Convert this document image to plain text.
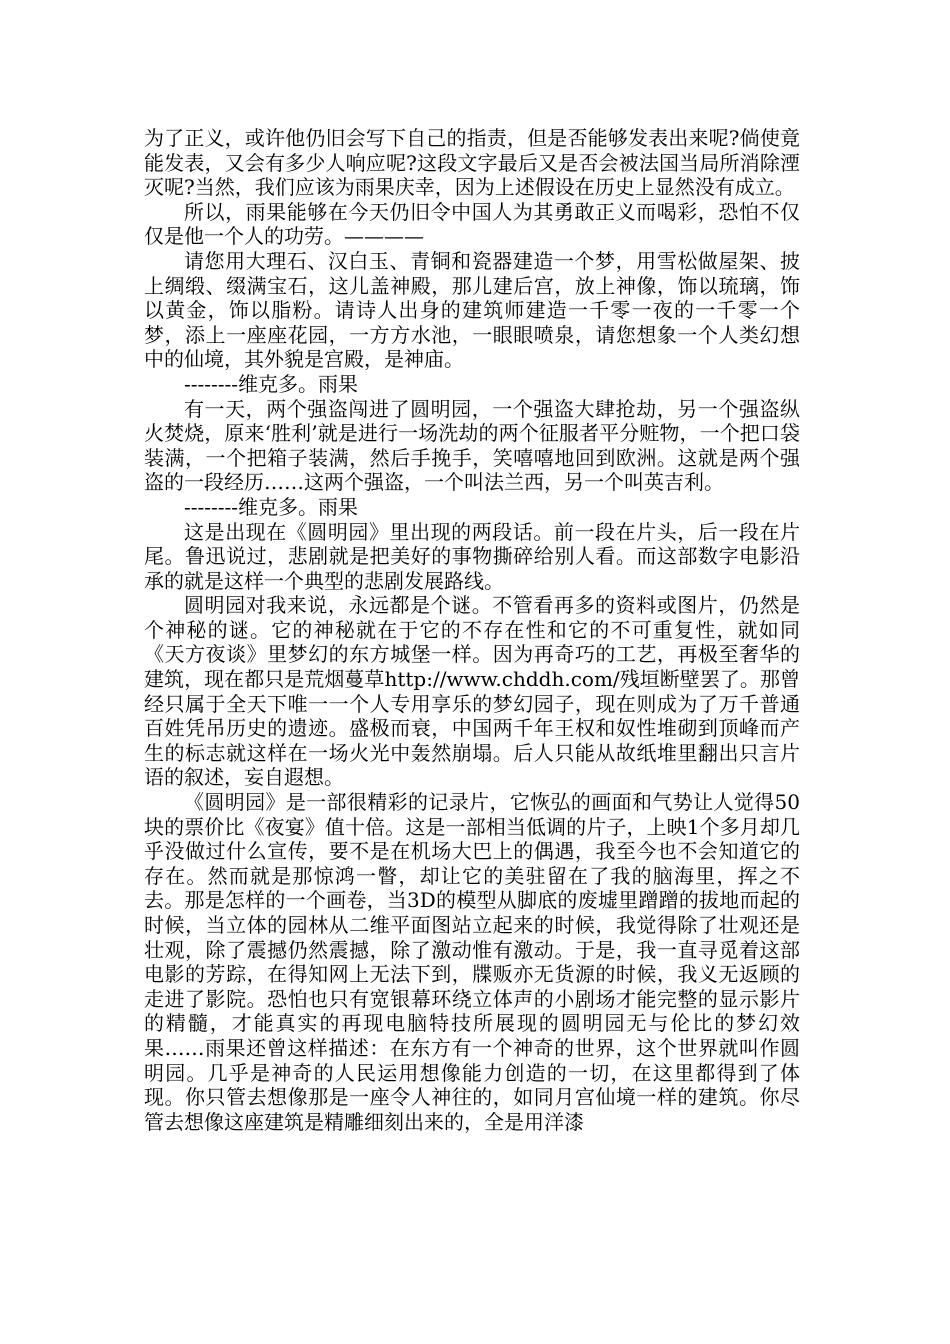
为了正义，或许他仍旧会写下自己的指责，但是否能够发表出来呢?倘使竟能发表，又会有多少人响应呢?这段文字最后又是否会被法国当局所消除湮灭呢?当然，我们应该为雨果庆幸，因为上述假设在历史上显然没有成立。

所以，雨果能够在今天仍旧令中国人为其勇敢正义而喝彩，恐怕不仅仅是他一个人的功劳。————

请您用大理石、汉白玉、青铜和瓷器建造一个梦，用雪松做屋架、披上绸缎、缀满宝石，这儿盖神殿，那儿建后宫，放上神像，饰以琉璃，饰以黄金，饰以脂粉。请诗人出身的建筑师建造一千零一夜的一千零一个梦，添上一座座花园，一方方水池，一眼眼喷泉，请您想象一个人类幻想中的仙境，其外貌是宫殿，是神庙。

--------维克多。雨果

有一天，两个强盗闯进了圆明园，一个强盗大肆抢劫，另一个强盗纵火焚烧，原来‘胜利’就是进行一场洗劫的两个征服者平分赃物，一个把口袋装满，一个把箱子装满，然后手挽手，笑嘻嘻地回到欧洲。这就是两个强盗的一段经历……这两个强盗，一个叫法兰西，另一个叫英吉利。

--------维克多。雨果

这是出现在《圆明园》里出现的两段话。前一段在片头，后一段在片尾。鲁迅说过，悲剧就是把美好的事物撕碎给别人看。而这部数字电影沿承的就是这样一个典型的悲剧发展路线。

圆明园对我来说，永远都是个谜。不管看再多的资料或图片，仍然是个神秘的谜。它的神秘就在于它的不存在性和它的不可重复性，就如同《天方夜谈》里梦幻的东方城堡一样。因为再奇巧的工艺，再极至奢华的建筑，现在都只是荒烟蔓草http://www.chddh.com/残垣断壁罢了。那曾经只属于全天下唯一一个人专用享乐的梦幻园子，现在则成为了万千普通百姓凭吊历史的遗迹。盛极而衰，中国两千年王权和奴性堆砌到顶峰而产生的标志就这样在一场火光中轰然崩塌。后人只能从故纸堆里翻出只言片语的叙述，妄自遐想。

《圆明园》是一部很精彩的记录片，它恢弘的画面和气势让人觉得50块的票价比《夜宴》值十倍。这是一部相当低调的片子，上映1个多月却几乎没做过什么宣传，要不是在机场大巴上的偶遇，我至今也不会知道它的存在。然而就是那惊鸿一瞥，却让它的美驻留在了我的脑海里，挥之不去。那是怎样的一个画卷，当3D的模型从脚底的废墟里蹭蹭的拔地而起的时候，当立体的园林从二维平面图站立起来的时候，我觉得除了壮观还是壮观，除了震撼仍然震撼，除了激动惟有激动。于是，我一直寻觅着这部电影的芳踪，在得知网上无法下到，牒贩亦无货源的时候，我义无返顾的走进了影院。恐怕也只有宽银幕环绕立体声的小剧场才能完整的显示影片的精髓，才能真实的再现电脑特技所展现的圆明园无与伦比的梦幻效果……雨果还曾这样描述：在东方有一个神奇的世界，这个世界就叫作圆明园。几乎是神奇的人民运用想像能力创造的一切，在这里都得到了体现。你只管去想像那是一座令人神往的，如同月宫仙境一样的建筑。你尽管去想像这座建筑是精雕细刻出来的，全是用洋漆
